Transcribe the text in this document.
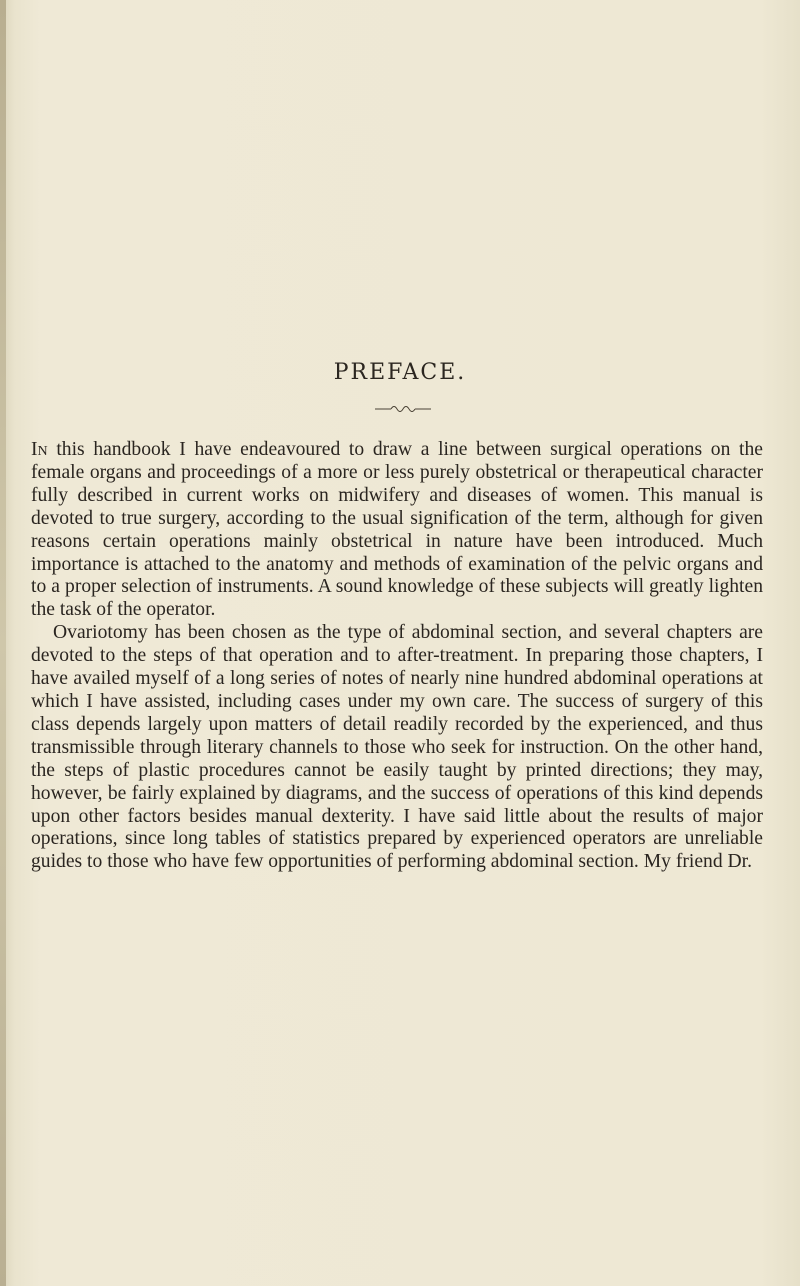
PREFACE.

In this handbook I have endeavoured to draw a line between surgical operations on the female organs and proceedings of a more or less purely obstetrical or therapeutical character fully described in current works on midwifery and diseases of women. This manual is devoted to true surgery, according to the usual signification of the term, although for given reasons certain operations mainly obstetrical in nature have been introduced. Much importance is attached to the anatomy and methods of examination of the pelvic organs and to a proper selection of instruments. A sound knowledge of these subjects will greatly lighten the task of the operator.

Ovariotomy has been chosen as the type of abdominal section, and several chapters are devoted to the steps of that operation and to after-treatment. In preparing those chapters, I have availed myself of a long series of notes of nearly nine hundred abdominal operations at which I have assisted, including cases under my own care. The success of surgery of this class depends largely upon matters of detail readily recorded by the experienced, and thus transmissible through literary channels to those who seek for instruction. On the other hand, the steps of plastic procedures cannot be easily taught by printed directions; they may, however, be fairly explained by diagrams, and the success of operations of this kind depends upon other factors besides manual dexterity. I have said little about the results of major operations, since long tables of statistics prepared by experienced operators are unreliable guides to those who have few opportunities of performing abdominal section. My friend Dr.
